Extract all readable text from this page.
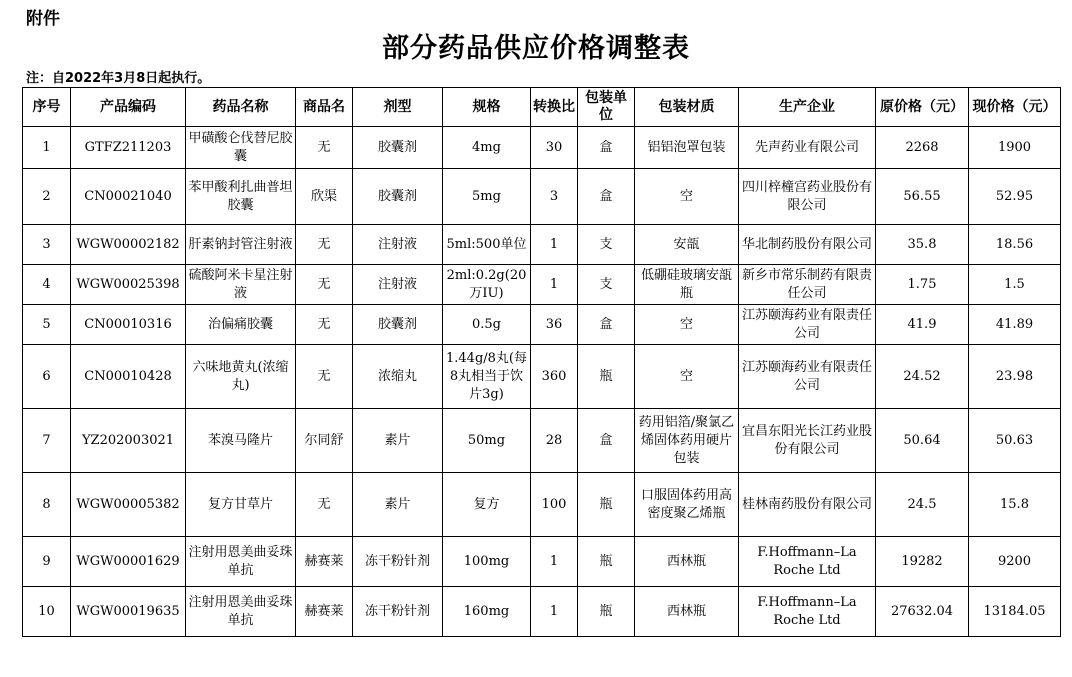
附件
部分药品供应价格调整表
注：自2022年3月8日起执行。
序号	产品编码	药品名称	商品名	剂型	规格	转换比	包装单位	包装材质	生产企业	原价格（元）	现价格（元）
1	GTFZ211203	甲磺酸仑伐替尼胶囊	无	胶囊剂	4mg	30	盒	铝铝泡罩包装	先声药业有限公司	2268	1900
2	CN00021040	苯甲酸利扎曲普坦胶囊	欣渠	胶囊剂	5mg	3	盒	空	四川梓橦宫药业股份有限公司	56.55	52.95
3	WGW00002182	肝素钠封管注射液	无	注射液	5ml:500单位	1	支	安瓿	华北制药股份有限公司	35.8	18.56
4	WGW00025398	硫酸阿米卡星注射液	无	注射液	2ml:0.2g(20万IU)	1	支	低硼硅玻璃安瓿瓶	新乡市常乐制药有限责任公司	1.75	1.5
5	CN00010316	治偏痛胶囊	无	胶囊剂	0.5g	36	盒	空	江苏颐海药业有限责任公司	41.9	41.89
6	CN00010428	六味地黄丸(浓缩丸)	无	浓缩丸	1.44g/8丸(每8丸相当于饮片3g)	360	瓶	空	江苏颐海药业有限责任公司	24.52	23.98
7	YZ202003021	苯溴马隆片	尔同舒	素片	50mg	28	盒	药用铝箔/聚氯乙烯固体药用硬片包装	宜昌东阳光长江药业股份有限公司	50.64	50.63
8	WGW00005382	复方甘草片	无	素片	复方	100	瓶	口服固体药用高密度聚乙烯瓶	桂林南药股份有限公司	24.5	15.8
9	WGW00001629	注射用恩美曲妥珠单抗	赫赛莱	冻干粉针剂	100mg	1	瓶	西林瓶	F.Hoffmann–La Roche Ltd	19282	9200
10	WGW00019635	注射用恩美曲妥珠单抗	赫赛莱	冻干粉针剂	160mg	1	瓶	西林瓶	F.Hoffmann–La Roche Ltd	27632.04	13184.05
